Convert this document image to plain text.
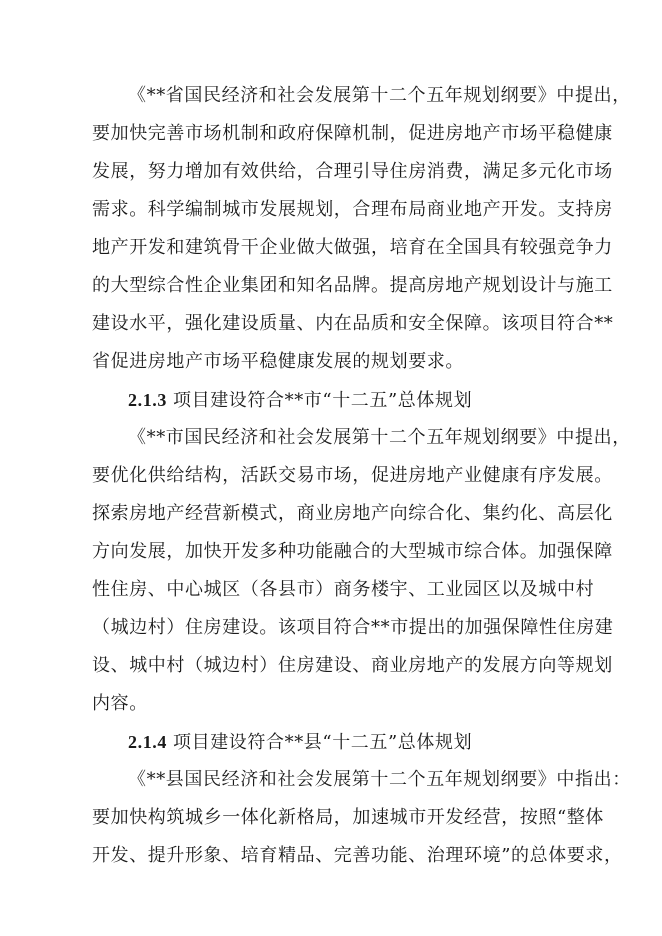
《**省国民经济和社会发展第十二个五年规划纲要》中提出，
要加快完善市场机制和政府保障机制，促进房地产市场平稳健康
发展，努力增加有效供给，合理引导住房消费，满足多元化市场
需求。科学编制城市发展规划，合理布局商业地产开发。支持房
地产开发和建筑骨干企业做大做强，培育在全国具有较强竞争力
的大型综合性企业集团和知名品牌。提高房地产规划设计与施工
建设水平，强化建设质量、内在品质和安全保障。该项目符合**
省促进房地产市场平稳健康发展的规划要求。
2.1.3 项目建设符合**市“十二五”总体规划
《**市国民经济和社会发展第十二个五年规划纲要》中提出，
要优化供给结构，活跃交易市场，促进房地产业健康有序发展。
探索房地产经营新模式，商业房地产向综合化、集约化、高层化
方向发展，加快开发多种功能融合的大型城市综合体。加强保障
性住房、中心城区（各县市）商务楼宇、工业园区以及城中村
（城边村）住房建设。该项目符合**市提出的加强保障性住房建
设、城中村（城边村）住房建设、商业房地产的发展方向等规划
内容。
2.1.4 项目建设符合**县“十二五”总体规划
《**县国民经济和社会发展第十二个五年规划纲要》中指出：
要加快构筑城乡一体化新格局，加速城市开发经营，按照“整体
开发、提升形象、培育精品、完善功能、治理环境”的总体要求，
